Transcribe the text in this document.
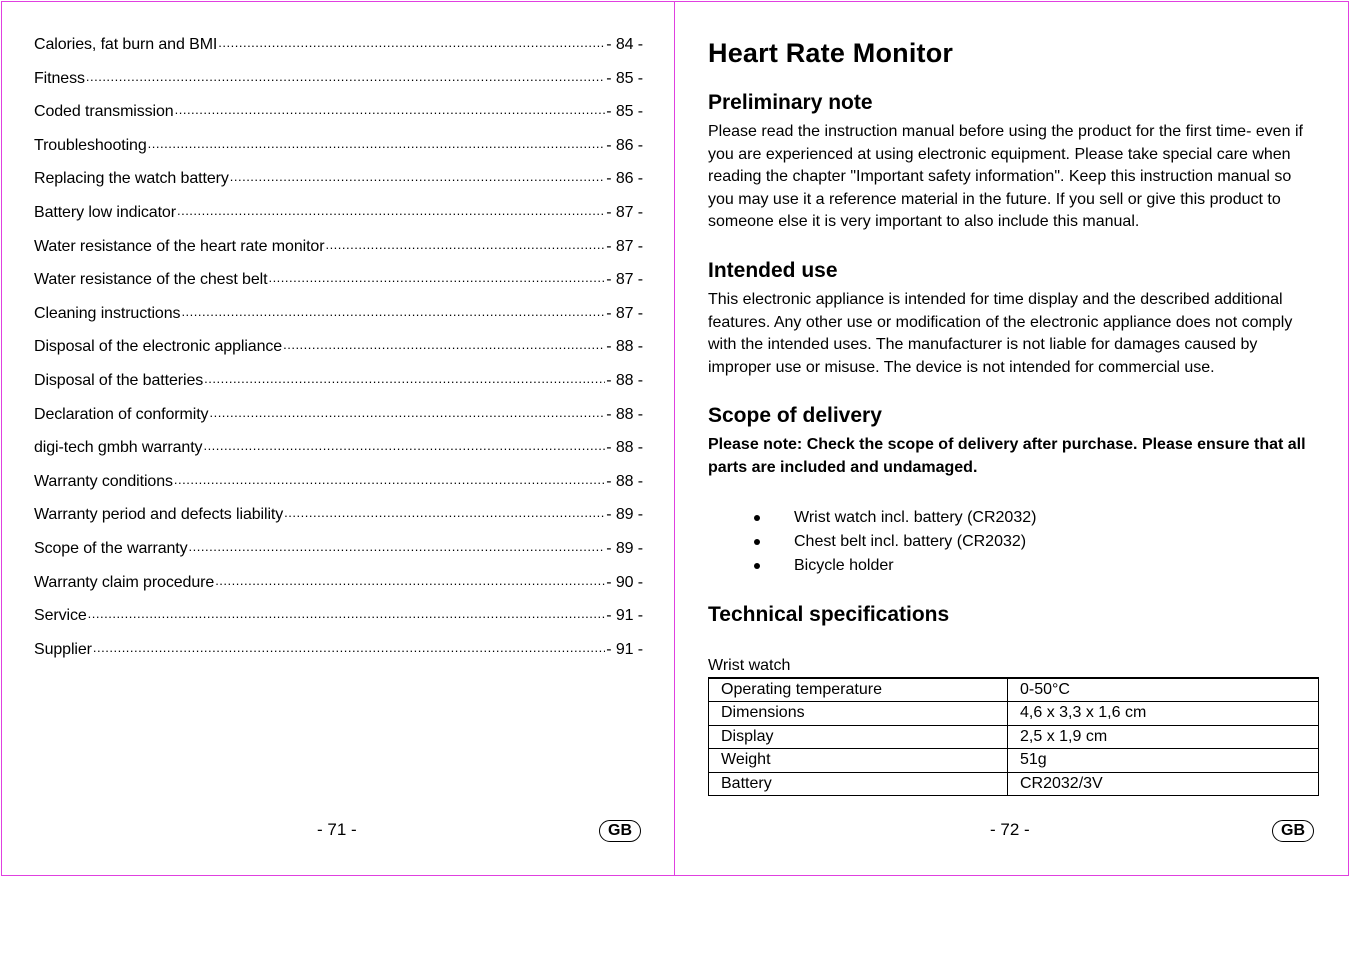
Calories, fat burn and BMI .....	- 84 -
Fitness .....	- 85 -
Coded transmission .....	- 85 -
Troubleshooting .....	- 86 -
Replacing the watch battery .....	- 86 -
Battery low indicator .....	- 87 -
Water resistance of the heart rate monitor .....	- 87 -
Water resistance of the chest belt .....	- 87 -
Cleaning instructions .....	- 87 -
Disposal of the electronic appliance .....	- 88 -
Disposal of the batteries .....	- 88 -
Declaration of conformity .....	- 88 -
digi-tech gmbh warranty .....	- 88 -
Warranty conditions .....	- 88 -
Warranty period and defects liability .....	- 89 -
Scope of the warranty .....	- 89 -
Warranty claim procedure .....	- 90 -
Service .....	- 91 -
Supplier .....	- 91 -
- 71 -	GB
Heart Rate Monitor
Preliminary note

Please read the instruction manual before using the product for the first time- even if you are experienced at using electronic equipment. Please take special care when reading the chapter "Important safety information". Keep this instruction manual so you may use it a reference material in the future. If you sell or give this product to someone else it is very important to also include this manual.

Intended use

This electronic appliance is intended for time display and the described additional features. Any other use or modification of the electronic appliance does not comply with the intended uses. The manufacturer is not liable for damages caused by improper use or misuse. The device is not intended for commercial use.

Scope of delivery

Please note: Check the scope of delivery after purchase. Please ensure that all parts are included and undamaged.

Wrist watch incl. battery (CR2032)
Chest belt incl. battery (CR2032)
Bicycle holder
Technical specifications
Wrist watch
Operating temperature	0-50°C
Dimensions	4,6 x 3,3 x 1,6 cm
Display	2,5 x 1,9 cm
Weight	51g
Battery	CR2032/3V
- 72 -	GB
